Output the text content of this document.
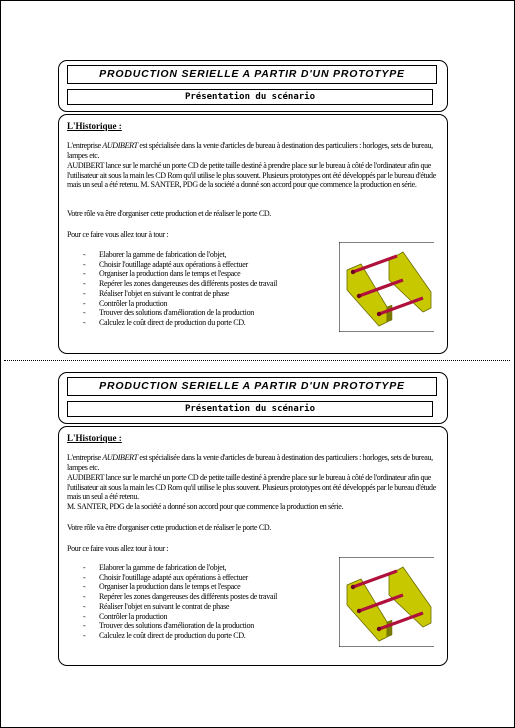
PRODUCTION SERIELLE A PARTIR D'UN PROTOTYPE
Présentation du scénario
L'Historique :
L'entreprise AUDIBERT est spécialisée dans la vente d'articles de bureau à destination des particuliers : horloges, sets de bureau, lampes etc.
AUDIBERT lance sur le marché un porte CD de petite taille destiné à prendre place sur le bureau à côté de l'ordinateur afin que l'utilisateur ait sous la main les CD Rom qu'il utilise le plus souvent. Plusieurs prototypes ont été développés par le bureau d'étude mais un seul a été retenu. M. SANTER, PDG de la société a donné son accord pour que commence la production en série.
Votre rôle va être d'organiser cette production et de réaliser le porte CD.
Pour ce faire vous allez tour à tour :
- Elaborer la gamme de fabrication de l'objet,
- Choisir l'outillage adapté aux opérations à effectuer
- Organiser la production dans le temps et l'espace
- Repérer les zones dangereuses des différents postes de travail
- Réaliser l'objet en suivant le contrat de phase
- Contrôler la production
- Trouver des solutions d'amélioration de la production
- Calculez le coût direct de production du porte CD.
PRODUCTION SERIELLE A PARTIR D'UN PROTOTYPE
Présentation du scénario
L'Historique :
L'entreprise AUDIBERT est spécialisée dans la vente d'articles de bureau à destination des particuliers : horloges, sets de bureau, lampes etc.
AUDIBERT lance sur le marché un porte CD de petite taille destiné à prendre place sur le bureau à côté de l'ordinateur afin que l'utilisateur ait sous la main les CD Rom qu'il utilise le plus souvent. Plusieurs prototypes ont été développés par le bureau d'étude mais un seul a été retenu.
M. SANTER, PDG de la société a donné son accord pour que commence la production en série.
Votre rôle va être d'organiser cette production et de réaliser le porte CD.
Pour ce faire vous allez tour à tour :
- Elaborer la gamme de fabrication de l'objet,
- Choisir l'outillage adapté aux opérations à effectuer
- Organiser la production dans le temps et l'espace
- Repérer les zones dangereuses des différents postes de travail
- Réaliser l'objet en suivant le contrat de phase
- Contrôler la production
- Trouver des solutions d'amélioration de la production
- Calculez le coût direct de production du porte CD.
